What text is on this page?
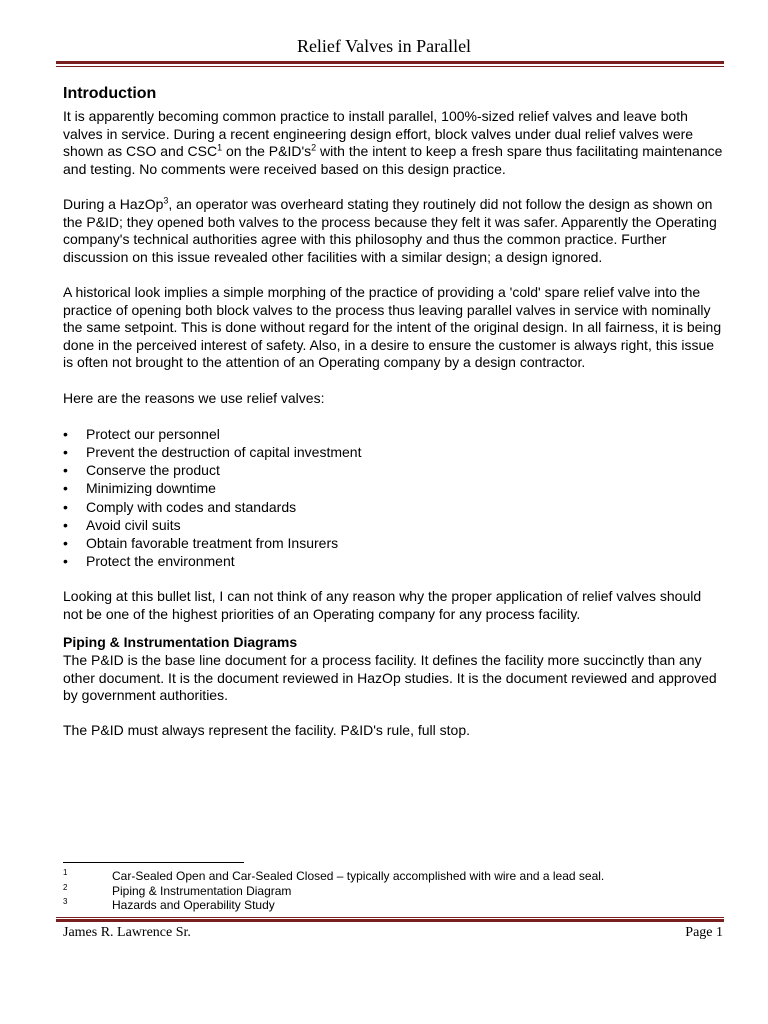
Relief Valves in Parallel
Introduction

It is apparently becoming common practice to install parallel, 100%-sized relief valves and leave both valves in service. During a recent engineering design effort, block valves under dual relief valves were shown as CSO and CSC$^1$ on the $P\&ID's^2$ with the intent to keep a fresh spare thus facilitating maintenance and testing. No comments were received based on this design practice.

During a HazOp$^3$, an operator was overheard stating they routinely did not follow the design as shown on the P&ID; they opened both valves to the process because they felt it was safer. Apparently the Operating company's technical authorities agree with this philosophy and thus the common practice. Further discussion on this issue revealed other facilities with a similar design; a design ignored.

A historical look implies a simple morphing of the practice of providing a 'cold' spare relief valve into the practice of opening both block valves to the process thus leaving parallel valves in service with nominally the same setpoint. This is done without regard for the intent of the original design. In all fairness, it is being done in the perceived interest of safety. Also, in a desire to ensure the customer is always right, this issue is often not brought to the attention of an Operating company by a design contractor.

Here are the reasons we use relief valves:

• Protect our personnel
• Prevent the destruction of capital investment
• Conserve the product
• Minimizing downtime
• Comply with codes and standards
• Avoid civil suits
• Obtain favorable treatment from Insurers
• Protect the environment

Looking at this bullet list, I can not think of any reason why the proper application of relief valves should not be one of the highest priorities of an Operating company for any process facility.

Piping & Instrumentation Diagrams

The P&ID is the base line document for a process facility. It defines the facility more succinctly than any other document. It is the document reviewed in HazOp studies. It is the document reviewed and approved by government authorities.

The P&ID must always represent the facility. P&ID's rule, full stop.

1	Car-Sealed Open and Car-Sealed Closed – typically accomplished with wire and a lead seal.
2	Piping & Instrumentation Diagram
3	Hazards and Operability Study
James R. Lawrence Sr.	Page 1
